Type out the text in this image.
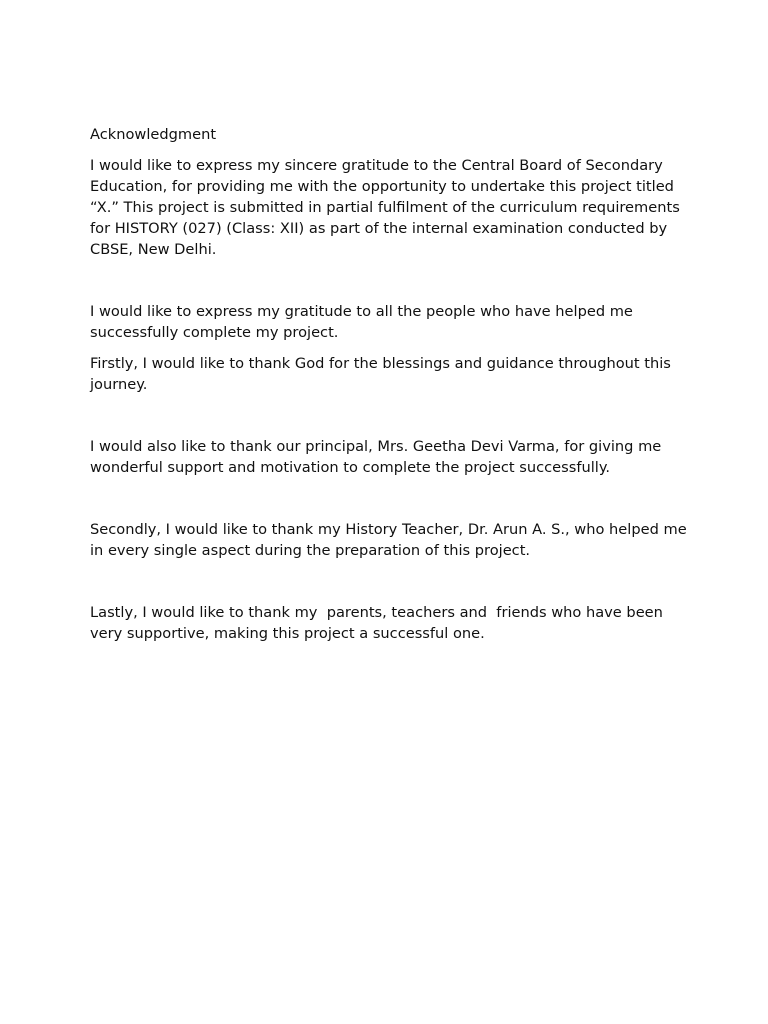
Acknowledgment

I would like to express my sincere gratitude to the Central Board of Secondary Education, for providing me with the opportunity to undertake this project titled “X.” This project is submitted in partial fulfilment of the curriculum requirements for HISTORY (027) (Class: XII) as part of the internal examination conducted by CBSE, New Delhi.

I would like to express my gratitude to all the people who have helped me successfully complete my project.

Firstly, I would like to thank God for the blessings and guidance throughout this journey.

I would also like to thank our principal, Mrs. Geetha Devi Varma, for giving me wonderful support and motivation to complete the project successfully.

Secondly, I would like to thank my History Teacher, Dr. Arun A. S., who helped me in every single aspect during the preparation of this project.

Lastly, I would like to thank my  parents, teachers and  friends who have been very supportive, making this project a successful one.
